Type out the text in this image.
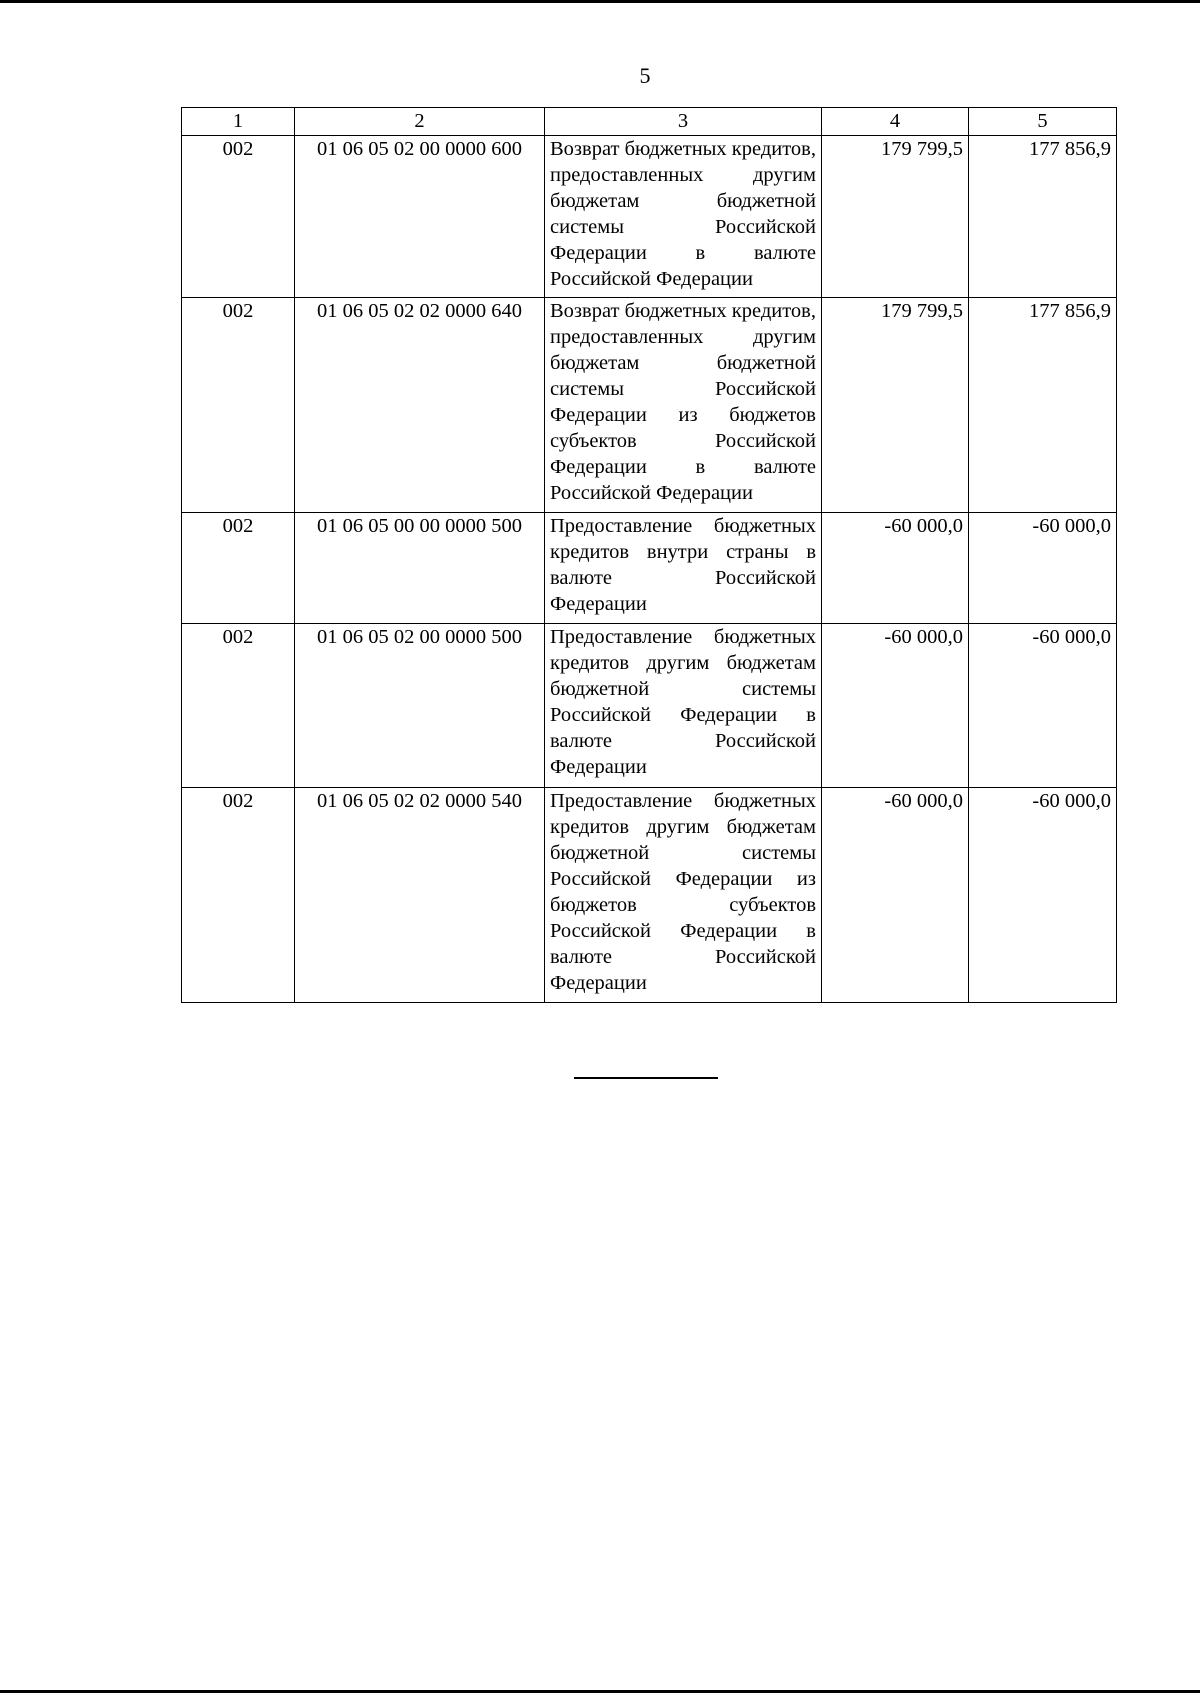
5
1	2	3	4	5
002	01 06 05 02 00 0000 600	Возврат бюджетных кредитов, предоставленных другим бюджетам бюджетной системы Российской Федерации в валюте Российской Федерации	179 799,5	177 856,9
002	01 06 05 02 02 0000 640	Возврат бюджетных кредитов, предоставленных другим бюджетам бюджетной системы Российской Федерации из бюджетов субъектов Российской Федерации в валюте Российской Федерации	179 799,5	177 856,9
002	01 06 05 00 00 0000 500	Предоставление бюджетных кредитов внутри страны в валюте Российской Федерации	-60 000,0	-60 000,0
002	01 06 05 02 00 0000 500	Предоставление бюджетных кредитов другим бюджетам бюджетной системы Российской Федерации в валюте Российской Федерации	-60 000,0	-60 000,0
002	01 06 05 02 02 0000 540	Предоставление бюджетных кредитов другим бюджетам бюджетной системы Российской Федерации из бюджетов субъектов Российской Федерации в валюте Российской Федерации	-60 000,0	-60 000,0
